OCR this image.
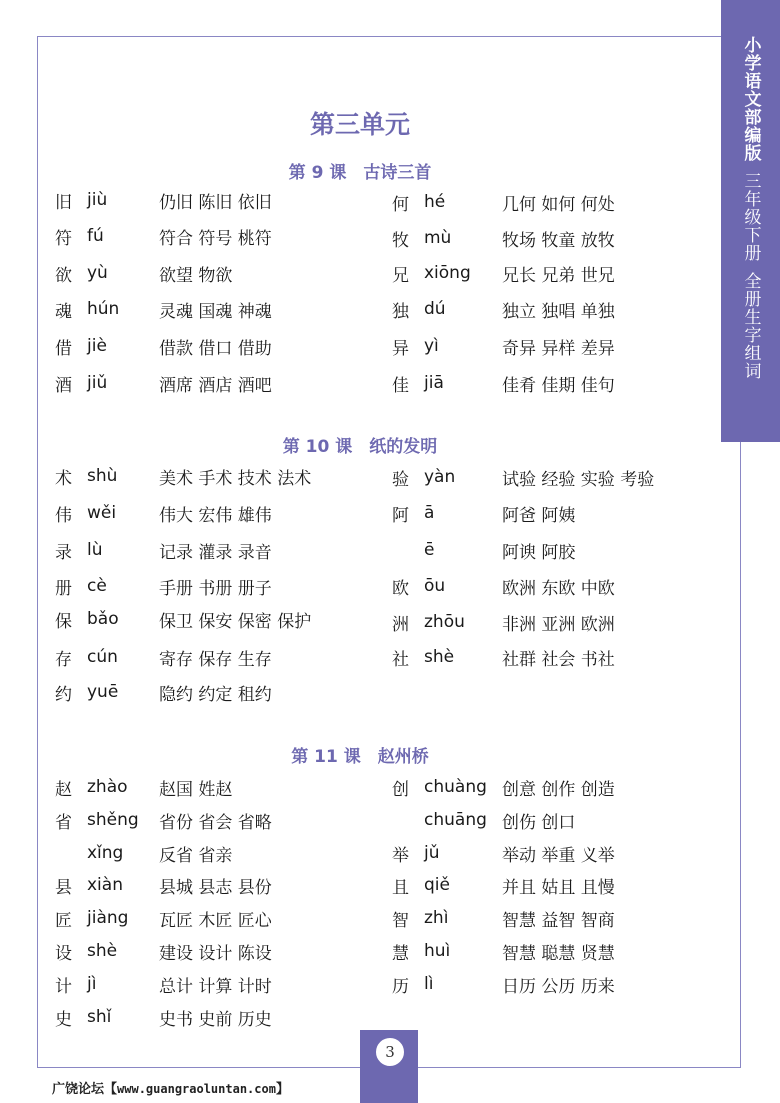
小学语文部编版
三年级下册
全册生字组词
第三单元
第 9 课　古诗三首
旧 jiù	仍旧 陈旧 依旧
符 fú	符合 符号 桃符
欲 yù	欲望 物欲
魂 hún	灵魂 国魂 神魂
借 jiè	借款 借口 借助
酒 jiǔ	酒席 酒店 酒吧
何 hé	几何 如何 何处
牧 mù	牧场 牧童 放牧
兄 xiōng	兄长 兄弟 世兄
独 dú	独立 独唱 单独
异 yì	奇异 异样 差异
佳 jiā	佳肴 佳期 佳句
第 10 课　纸的发明
术 shù	美术 手术 技术 法术
伟 wěi	伟大 宏伟 雄伟
录 lù	记录 灌录 录音
册 cè	手册 书册 册子
保 bǎo	保卫 保安 保密 保护
存 cún	寄存 保存 生存
约 yuē	隐约 约定 租约
验 yàn	试验 经验 实验 考验
阿 ā	阿爸 阿姨
ē	阿谀 阿胶
欧 ōu	欧洲 东欧 中欧
洲 zhōu	非洲 亚洲 欧洲
社 shè	社群 社会 书社
第 11 课　赵州桥
赵 zhào	赵国 姓赵
省 shěng	省份 省会 省略
xǐng	反省 省亲
县 xiàn	县城 县志 县份
匠 jiàng	瓦匠 木匠 匠心
设 shè	建设 设计 陈设
计 jì	总计 计算 计时
史 shǐ	史书 史前 历史
创 chuàng 创意 创作 创造
chuāng 创伤 创口
举 jǔ	举动 举重 义举
且 qiě	并且 姑且 且慢
智 zhì	智慧 益智 智商
慧 huì	智慧 聪慧 贤慧
历 lì	日历 公历 历来
3
广饶论坛【www.guangraoluntan.com】
